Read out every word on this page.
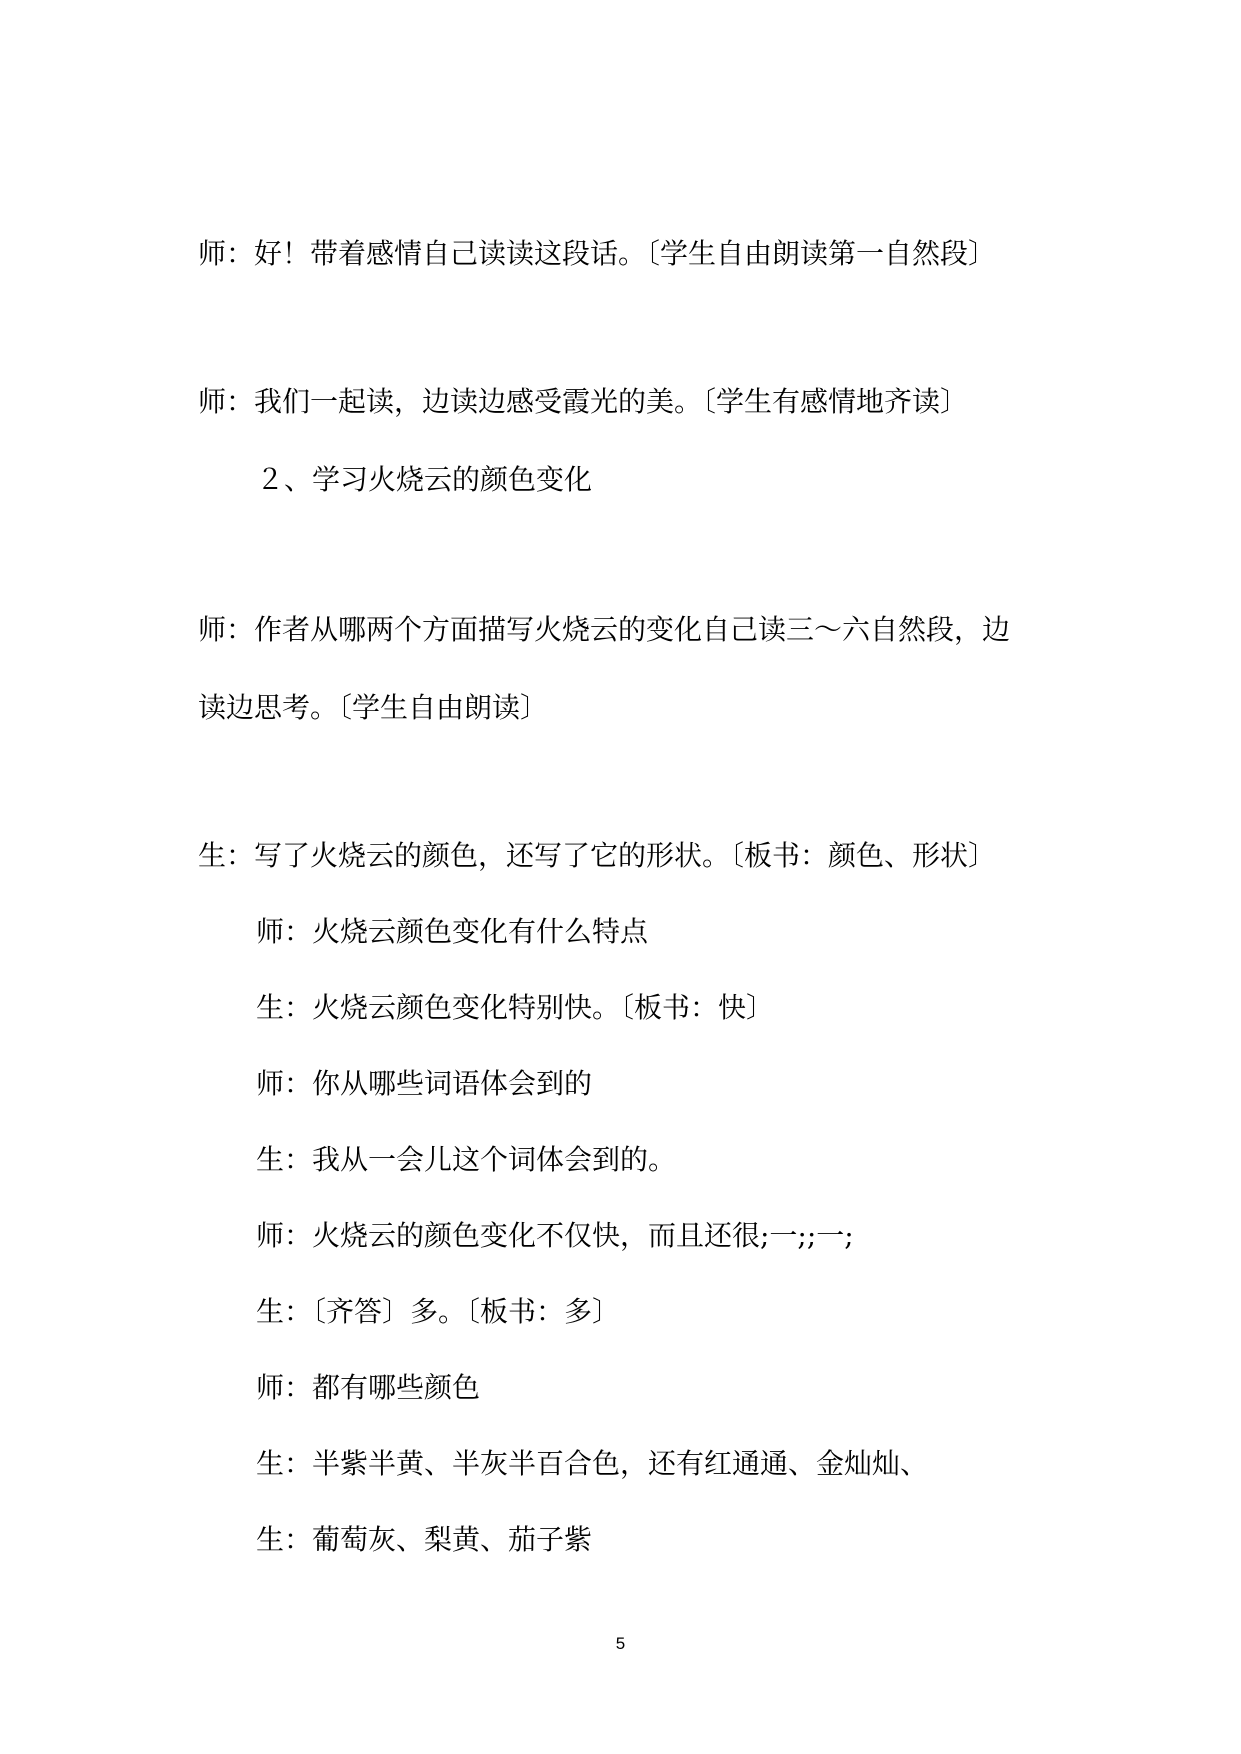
师：好！带着感情自己读读这段话。〔学生自由朗读第一自然段〕
师：我们一起读，边读边感受霞光的美。〔学生有感情地齐读〕
２、学习火烧云的颜色变化
师：作者从哪两个方面描写火烧云的变化自己读三～六自然段，边
读边思考。〔学生自由朗读〕
生：写了火烧云的颜色，还写了它的形状。〔板书：颜色、形状〕
师：火烧云颜色变化有什么特点
生：火烧云颜色变化特别快。〔板书：快〕
师：你从哪些词语体会到的
生：我从一会儿这个词体会到的。
师：火烧云的颜色变化不仅快，而且还很;一;;一;
生：〔齐答〕多。〔板书：多〕
师：都有哪些颜色
生：半紫半黄、半灰半百合色，还有红通通、金灿灿、
生：葡萄灰、梨黄、茄子紫
5
